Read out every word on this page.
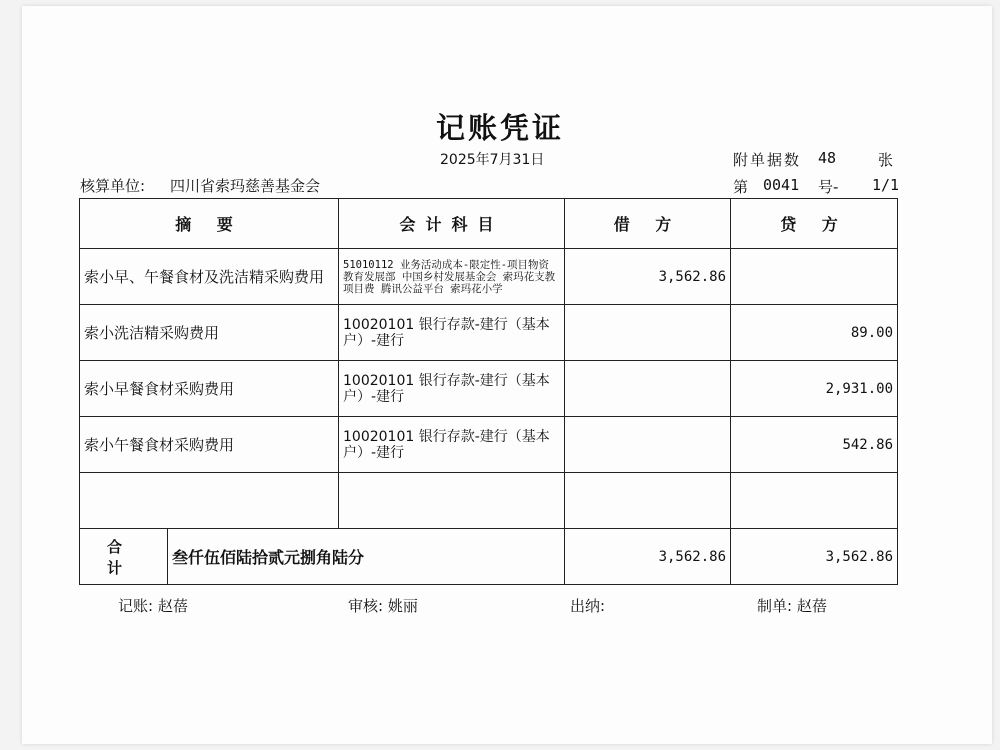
记账凭证
2025年7月31日	附单据数 48	张
核算单位: 四川省索玛慈善基金会	第 0041 号- 1/1
摘 要		会计科目	借 方	贷 方
索小早、午餐食材及洗洁精采购费用		51010112 业务活动成本-限定性-项目物资 教育发展部 中国乡村发展基金会 索玛花支教 项目费 腾讯公益平台 索玛花小学	3,562.86	
索小洗洁精采购费用		10020101 银行存款-建行（基本户）-建行		89.00
索小早餐食材采购费用		10020101 银行存款-建行（基本户）-建行		2,931.00
索小午餐食材采购费用		10020101 银行存款-建行（基本户）-建行		542.86

合 计	叁仟伍佰陆拾贰元捌角陆分		3,562.86	3,562.86
记账: 赵蓓	审核: 姚丽	出纳:	制单: 赵蓓
